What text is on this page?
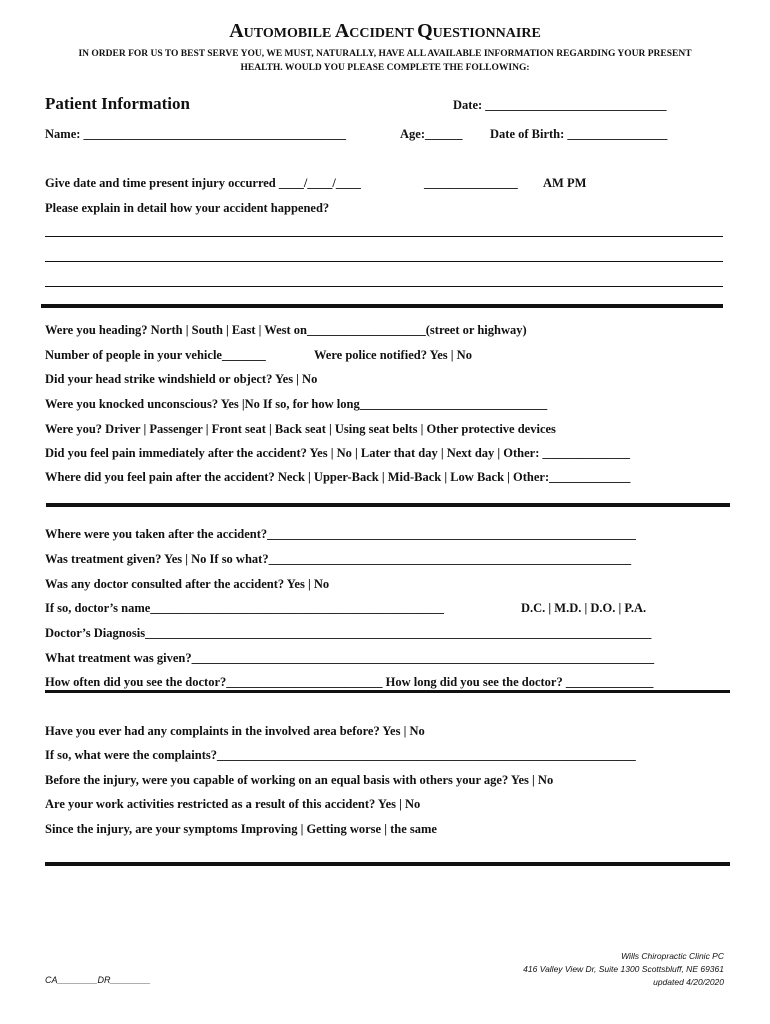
AUTOMOBILE ACCIDENT QUESTIONNAIRE
IN ORDER FOR US TO BEST SERVE YOU, WE MUST, NATURALLY, HAVE ALL AVAILABLE INFORMATION REGARDING YOUR PRESENT
HEALTH. WOULD YOU PLEASE COMPLETE THE FOLLOWING:
Patient Information	Date: _____________________________
Name: __________________________________________	Age:______ Date of Birth: ________________
Give date and time present injury occurred ____/____/____	_______________ AM PM
Please explain in detail how your accident happened?
Were you heading? North | South | East | West on___________________(street or highway)
Number of people in your vehicle_______	Were police notified? Yes | No
Did your head strike windshield or object? Yes | No
Were you knocked unconscious? Yes |No If so, for how long______________________________
Were you? Driver | Passenger | Front seat | Back seat | Using seat belts | Other protective devices
Did you feel pain immediately after the accident? Yes | No | Later that day | Next day | Other: ______________
Where did you feel pain after the accident? Neck | Upper-Back | Mid-Back | Low Back | Other:_____________
Where were you taken after the accident?___________________________________________________________
Was treatment given? Yes | No If so what?__________________________________________________________
Was any doctor consulted after the accident? Yes | No
If so, doctor’s name_______________________________________________	D.C. | M.D. | D.O. | P.A.
Doctor’s Diagnosis_________________________________________________________________________________
What treatment was given?__________________________________________________________________________
How often did you see the doctor?_________________________ How long did you see the doctor? ______________
Have you ever had any complaints in the involved area before? Yes | No
If so, what were the complaints?___________________________________________________________________
Before the injury, were you capable of working on an equal basis with others your age? Yes | No
Are your work activities restricted as a result of this accident? Yes | No
Since the injury, are your symptoms Improving | Getting worse | the same
Wills Chiropractic Clinic PC
416 Valley View Dr, Suite 1300 Scottsbluff, NE 69361
updated 4/20/2020
CA________DR________
